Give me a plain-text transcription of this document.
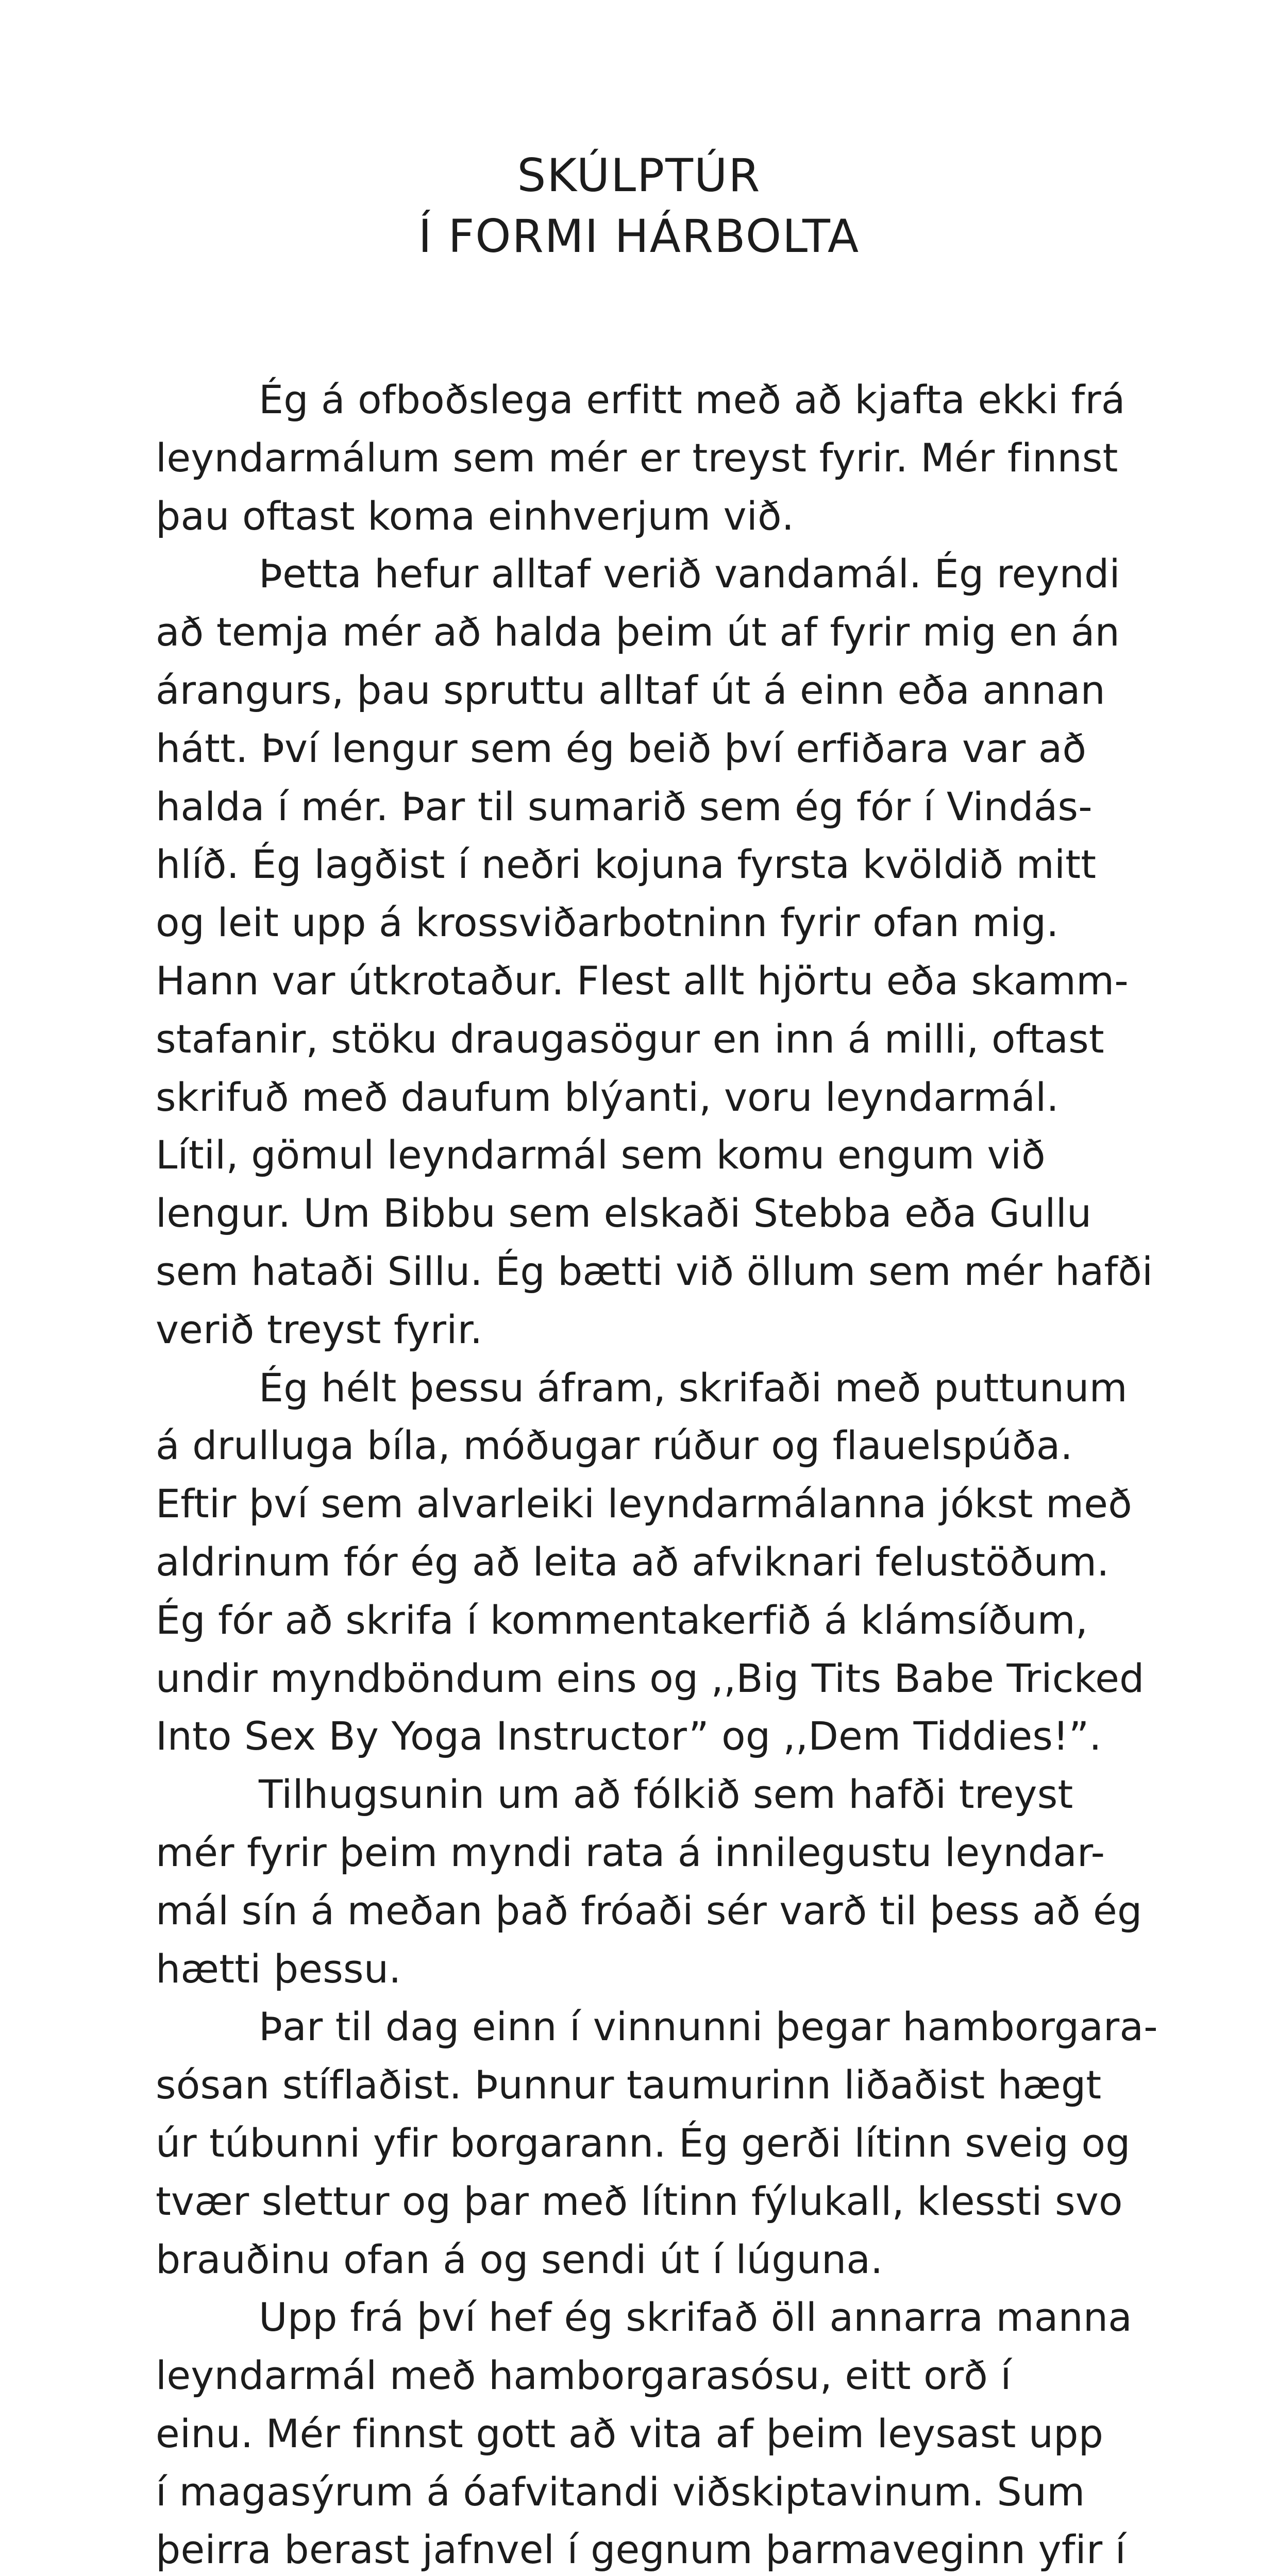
SKÚLPTÚR
Í FORMI HÁRBOLTA
Ég á ofboðslega erfitt með að kjafta ekki frá
leyndarmálum sem mér er treyst fyrir. Mér finnst
þau oftast koma einhverjum við.
Þetta hefur alltaf verið vandamál. Ég reyndi
að temja mér að halda þeim út af fyrir mig en án
árangurs, þau spruttu alltaf út á einn eða annan
hátt. Því lengur sem ég beið því erfiðara var að
halda í mér. Þar til sumarið sem ég fór í Vindás-
hlíð. Ég lagðist í neðri kojuna fyrsta kvöldið mitt
og leit upp á krossviðarbotninn fyrir ofan mig.
Hann var útkrotaður. Flest allt hjörtu eða skamm-
stafanir, stöku draugasögur en inn á milli, oftast
skrifuð með daufum blýanti, voru leyndarmál.
Lítil, gömul leyndarmál sem komu engum við
lengur. Um Bibbu sem elskaði Stebba eða Gullu
sem hataði Sillu. Ég bætti við öllum sem mér hafði
verið treyst fyrir.
Ég hélt þessu áfram, skrifaði með puttunum
á drulluga bíla, móðugar rúður og flauelspúða.
Eftir því sem alvarleiki leyndarmálanna jókst með
aldrinum fór ég að leita að afviknari felustöðum.
Ég fór að skrifa í kommentakerfið á klámsíðum,
undir myndböndum eins og ,,Big Tits Babe Tricked
Into Sex By Yoga Instructor” og ,,Dem Tiddies!”.
Tilhugsunin um að fólkið sem hafði treyst
mér fyrir þeim myndi rata á innilegustu leyndar-
mál sín á meðan það fróaði sér varð til þess að ég
hætti þessu.
Þar til dag einn í vinnunni þegar hamborgara-
sósan stíflaðist. Þunnur taumurinn liðaðist hægt
úr túbunni yfir borgarann. Ég gerði lítinn sveig og
tvær slettur og þar með lítinn fýlukall, klessti svo
brauðinu ofan á og sendi út í lúguna.
Upp frá því hef ég skrifað öll annarra manna
leyndarmál með hamborgarasósu, eitt orð í
einu. Mér finnst gott að vita af þeim leysast upp
í magasýrum á óafvitandi viðskiptavinum. Sum
þeirra berast jafnvel í gegnum þarmaveginn yfir í
